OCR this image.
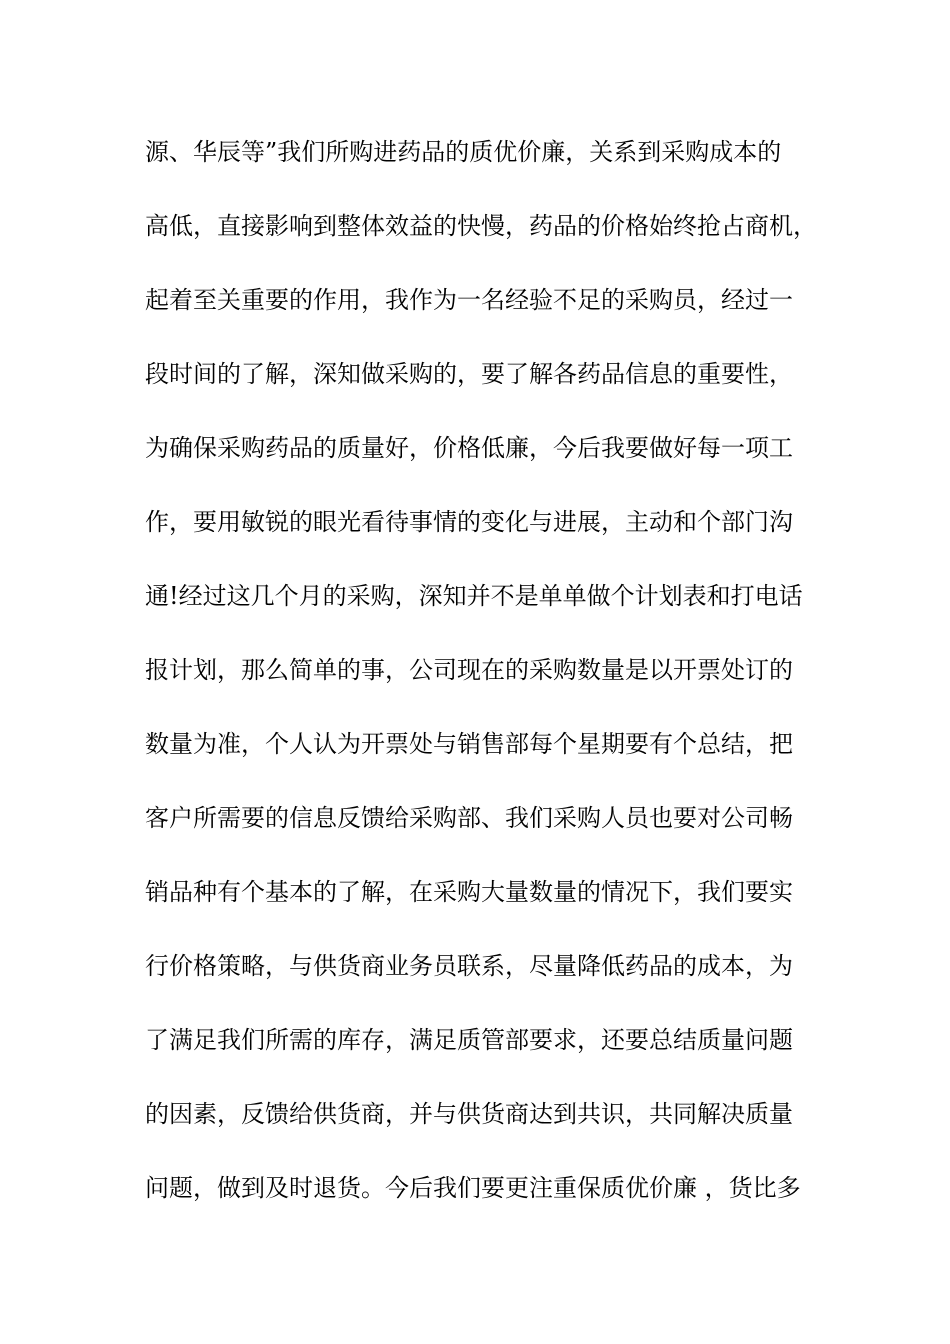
源、华辰等”我们所购进药品的质优价廉，关系到采购成本的
高低，直接影响到整体效益的快慢，药品的价格始终抢占商机，
起着至关重要的作用，我作为一名经验不足的采购员，经过一
段时间的了解，深知做采购的，要了解各药品信息的重要性，
为确保采购药品的质量好，价格低廉，今后我要做好每一项工
作，要用敏锐的眼光看待事情的变化与进展，主动和个部门沟
通!经过这几个月的采购，深知并不是单单做个计划表和打电话
报计划，那么简单的事，公司现在的采购数量是以开票处订的
数量为准，个人认为开票处与销售部每个星期要有个总结，把
客户所需要的信息反馈给采购部、我们采购人员也要对公司畅
销品种有个基本的了解，在采购大量数量的情况下，我们要实
行价格策略，与供货商业务员联系，尽量降低药品的成本，为
了满足我们所需的库存，满足质管部要求，还要总结质量问题
的因素，反馈给供货商，并与供货商达到共识，共同解决质量
问题，做到及时退货。今后我们要更注重保质优价廉 ，货比多
